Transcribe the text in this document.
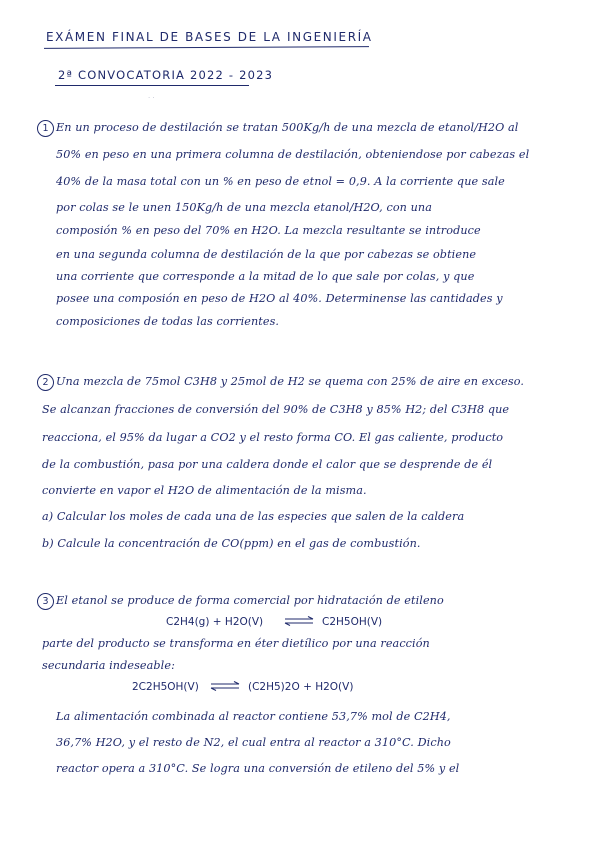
EXÁMEN FINAL DE BASES DE LA INGENIERÍA
2ª CONVOCATORIA 2022 - 2023
· ·
1 En un proceso de destilación se tratan 500Kg/h de una mezcla de etanol/H2O al
50% en peso en una primera columna de destilación, obteniendose por cabezas el
40% de la masa total con un % en peso de etnol = 0,9. A la corriente que sale
por colas se le unen 150Kg/h de una mezcla etanol/H2O, con una
composión % en peso del 70% en H2O. La mezcla resultante se introduce
en una segunda columna de destilación de la que por cabezas se obtiene
una corriente que corresponde a la mitad de lo que sale por colas, y que
posee una composión en peso de H2O al 40%. Determinense las cantidades y
composiciones de todas las corrientes.
2 Una mezcla de 75mol C3H8 y 25mol de H2 se quema con 25% de aire en exceso.
Se alcanzan fracciones de conversión del 90% de C3H8 y 85% H2; del C3H8 que
reacciona, el 95% da lugar a CO2 y el resto forma CO. El gas caliente, producto
de la combustión, pasa por una caldera donde el calor que se desprende de él
convierte en vapor el H2O de alimentación de la misma.
a) Calcular los moles de cada una de las especies que salen de la caldera
b) Calcule la concentración de CO(ppm) en el gas de combustión.
3 El etanol se produce de forma comercial por hidratación de etileno
C2H4(g) + H2O(V) ⇌ C2H5OH(V)
parte del producto se transforma en éter dietílico por una reacción
secundaria indeseable:
2C2H5OH(V) ⇌ (C2H5)2O + H2O(V)
La alimentación combinada al reactor contiene 53,7% mol de C2H4,
36,7% H2O, y el resto de N2, el cual entra al reactor a 310°C. Dicho
reactor opera a 310°C. Se logra una conversión de etileno del 5% y el
